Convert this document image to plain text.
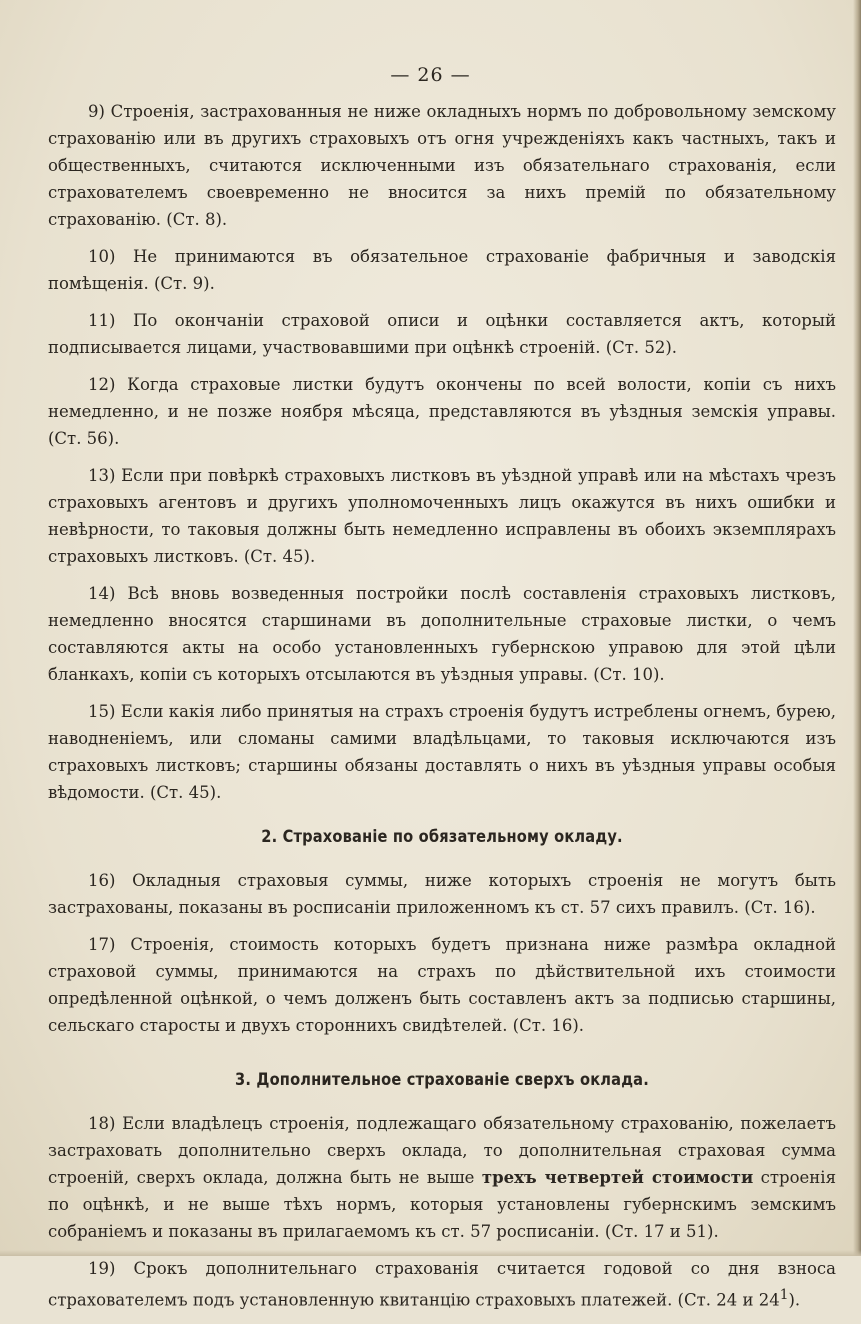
— 26 —

9) Строенія, застрахованныя не ниже окладныхъ нормъ по добровольному земскому страхованію или въ другихъ страховыхъ отъ огня учрежденіяхъ какъ частныхъ, такъ и общественныхъ, считаются исключенными изъ обязательнаго страхованія, если страхователемъ своевременно не вносится за нихъ премій по обязательному страхованію. (Ст. 8).

10) Не принимаются въ обязательное страхованіе фабричныя и заводскія помѣщенія. (Ст. 9).

11) По окончаніи страховой описи и оцѣнки составляется актъ, который подписывается лицами, участвовавшими при оцѣнкѣ строеній. (Ст. 52).

12) Когда страховые листки будутъ окончены по всей волости, копіи съ нихъ немедленно, и не позже ноября мѣсяца, представляются въ уѣздныя земскія управы. (Ст. 56).

13) Если при повѣркѣ страховыхъ листковъ въ уѣздной управѣ или на мѣстахъ чрезъ страховыхъ агентовъ и другихъ уполномоченныхъ лицъ окажутся въ нихъ ошибки и невѣрности, то таковыя должны быть немедленно исправлены въ обоихъ экземплярахъ страховыхъ листковъ. (Ст. 45).

14) Всѣ вновь возведенныя постройки послѣ составленія страховыхъ листковъ, немедленно вносятся старшинами въ дополнительные страховые листки, о чемъ составляются акты на особо установленныхъ губернскою управою для этой цѣли бланкахъ, копіи съ которыхъ отсылаются въ уѣздныя управы. (Ст. 10).

15) Если какія либо принятыя на страхъ строенія будутъ истреблены огнемъ, бурею, наводненіемъ, или сломаны самими владѣльцами, то таковыя исключаются изъ страховыхъ листковъ; старшины обязаны доставлять о нихъ въ уѣздныя управы особыя вѣдомости. (Ст. 45).

2. Страхованіе по обязательному окладу.

16) Окладныя страховыя суммы, ниже которыхъ строенія не могутъ быть застрахованы, показаны въ росписаніи приложенномъ къ ст. 57 сихъ правилъ. (Ст. 16).

17) Строенія, стоимость которыхъ будетъ признана ниже размѣра окладной страховой суммы, принимаются на страхъ по дѣйствительной ихъ стоимости опредѣленной оцѣнкой, о чемъ долженъ быть составленъ актъ за подписью старшины, сельскаго старосты и двухъ стороннихъ свидѣтелей. (Ст. 16).

3. Дополнительное страхованіе сверхъ оклада.

18) Если владѣлецъ строенія, подлежащаго обязательному страхованію, пожелаетъ застраховать дополнительно сверхъ оклада, то дополнительная страховая сумма строеній, сверхъ оклада, должна быть не выше трехъ четвертей стоимости строенія по оцѣнкѣ, и не выше тѣхъ нормъ, которыя установлены губернскимъ земскимъ собраніемъ и показаны въ прилагаемомъ къ ст. 57 росписаніи. (Ст. 17 и 51).

19) Срокъ дополнительнаго страхованія считается годовой со дня взноса страхователемъ подъ установленную квитанцію страховыхъ платежей. (Ст. 24 и $24^1$).
